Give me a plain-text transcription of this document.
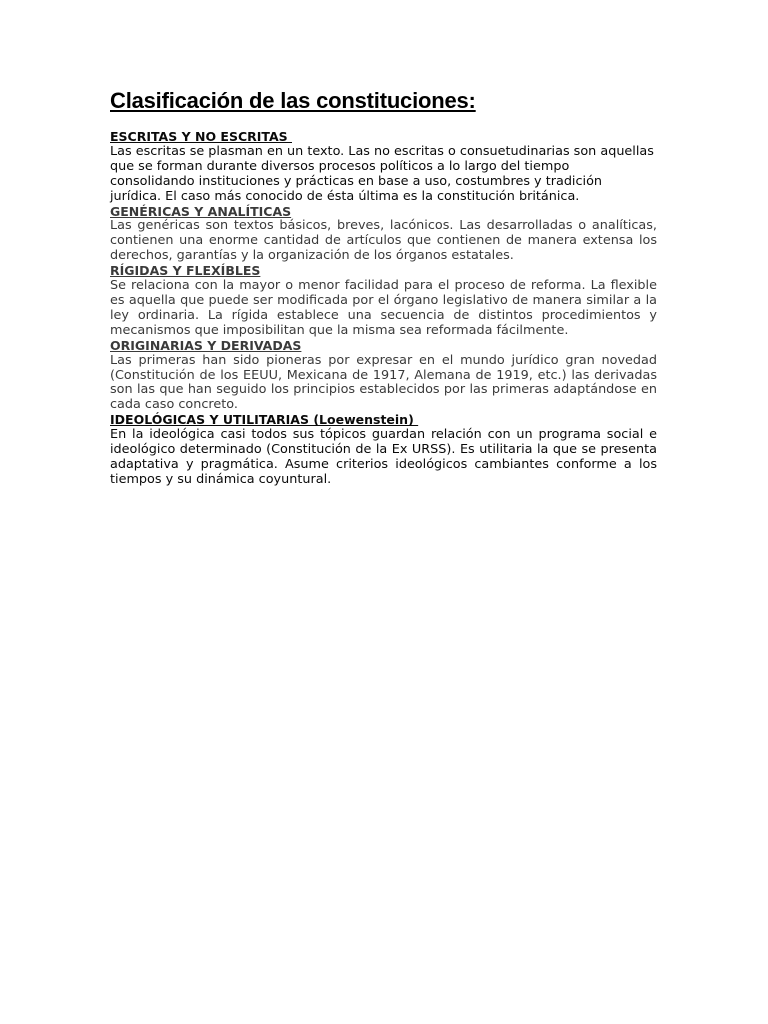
Clasificación de las constituciones:

ESCRITAS Y NO ESCRITAS

Las escritas se plasman en un texto. Las no escritas o consuetudinarias son aquellas que se forman durante diversos procesos políticos a lo largo del tiempo consolidando instituciones y prácticas en base a uso, costumbres y tradición jurídica. El caso más conocido de ésta última es la constitución británica.

GENÉRICAS Y ANALÍTICAS

Las genéricas son textos básicos, breves, lacónicos. Las desarrolladas o analíticas, contienen una enorme cantidad de artículos que contienen de manera extensa los derechos, garantías y la organización de los órganos estatales.

RÍGIDAS Y FLEXÍBLES

Se relaciona con la mayor o menor facilidad para el proceso de reforma. La flexible es aquella que puede ser modificada por el órgano legislativo de manera similar a la ley ordinaria. La rígida establece una secuencia de distintos procedimientos y mecanismos que imposibilitan que la misma sea reformada fácilmente.

ORIGINARIAS Y DERIVADAS

Las primeras han sido pioneras por expresar en el mundo jurídico gran novedad (Constitución de los EEUU, Mexicana de 1917, Alemana de 1919, etc.) las derivadas son las que han seguido los principios establecidos por las primeras adaptándose en cada caso concreto.

IDEOLÓGICAS Y UTILITARIAS (Loewenstein)

En la ideológica casi todos sus tópicos guardan relación con un programa social e ideológico determinado (Constitución de la Ex URSS). Es utilitaria la que se presenta adaptativa y pragmática. Asume criterios ideológicos cambiantes conforme a los tiempos y su dinámica coyuntural.
